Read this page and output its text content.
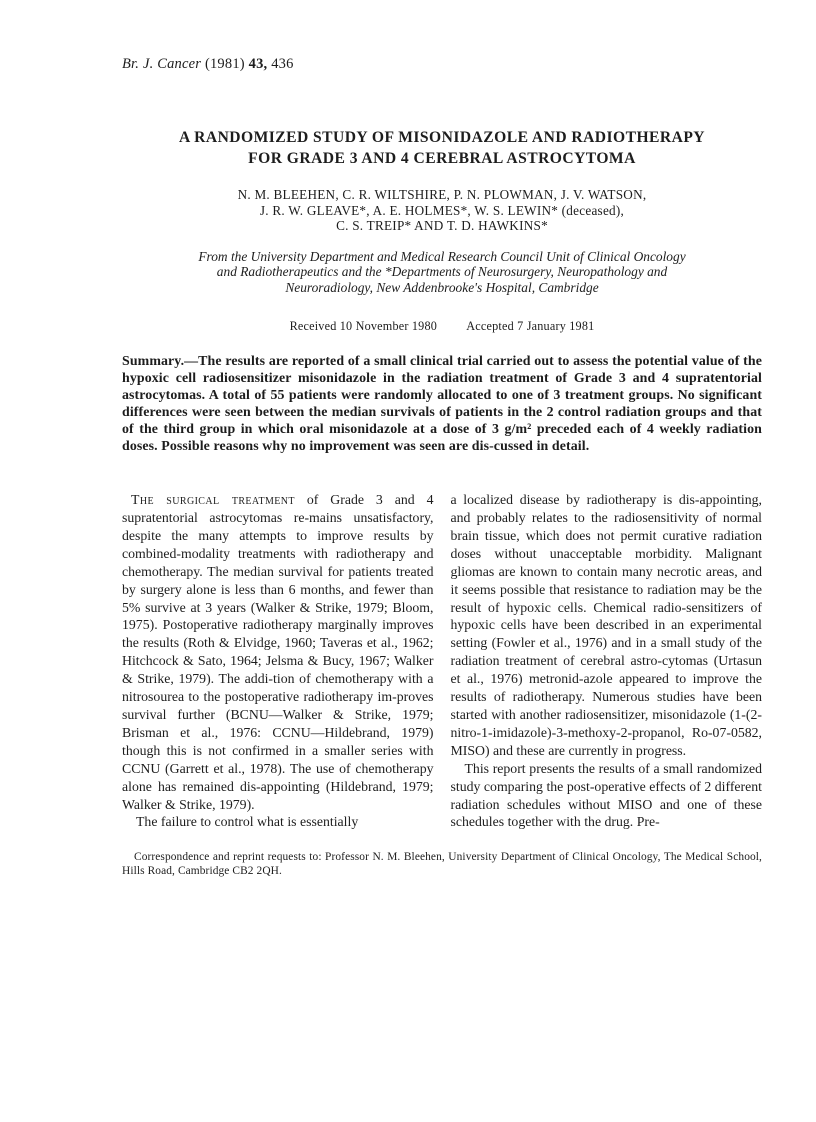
Br. J. Cancer (1981) 43, 436
A RANDOMIZED STUDY OF MISONIDAZOLE AND RADIOTHERAPY
FOR GRADE 3 AND 4 CEREBRAL ASTROCYTOMA
N. M. BLEEHEN, C. R. WILTSHIRE, P. N. PLOWMAN, J. V. WATSON,
J. R. W. GLEAVE*, A. E. HOLMES*, W. S. LEWIN* (deceased),
C. S. TREIP* AND T. D. HAWKINS*
From the University Department and Medical Research Council Unit of Clinical Oncology
and Radiotherapeutics and the *Departments of Neurosurgery, Neuropathology and
Neuroradiology, New Addenbrooke's Hospital, Cambridge
Received 10 November 1980 Accepted 7 January 1981

Summary.—The results are reported of a small clinical trial carried out to assess the potential value of the hypoxic cell radiosensitizer misonidazole in the radiation treatment of Grade 3 and 4 supratentorial astrocytomas. A total of 55 patients were randomly allocated to one of 3 treatment groups. No significant differences were seen between the median survivals of patients in the 2 control radiation groups and that of the third group in which oral misonidazole at a dose of 3 g/m² preceded each of 4 weekly radiation doses. Possible reasons why no improvement was seen are dis-cussed in detail.

The surgical treatment of Grade 3 and 4 supratentorial astrocytomas re-mains unsatisfactory, despite the many attempts to improve results by combined-modality treatments with radiotherapy and chemotherapy. The median survival for patients treated by surgery alone is less than 6 months, and fewer than 5% survive at 3 years (Walker & Strike, 1979; Bloom, 1975). Postoperative radiotherapy marginally improves the results (Roth & Elvidge, 1960; Taveras et al., 1962; Hitchcock & Sato, 1964; Jelsma & Bucy, 1967; Walker & Strike, 1979). The addi-tion of chemotherapy with a nitrosourea to the postoperative radiotherapy im-proves survival further (BCNU—Walker & Strike, 1979; Brisman et al., 1976: CCNU—Hildebrand, 1979) though this is not confirmed in a smaller series with CCNU (Garrett et al., 1978). The use of chemotherapy alone has remained dis-appointing (Hildebrand, 1979; Walker & Strike, 1979).

The failure to control what is essentially

a localized disease by radiotherapy is dis-appointing, and probably relates to the radiosensitivity of normal brain tissue, which does not permit curative radiation doses without unacceptable morbidity. Malignant gliomas are known to contain many necrotic areas, and it seems possible that resistance to radiation may be the result of hypoxic cells. Chemical radio-sensitizers of hypoxic cells have been described in an experimental setting (Fowler et al., 1976) and in a small study of the radiation treatment of cerebral astro-cytomas (Urtasun et al., 1976) metronid-azole appeared to improve the results of radiotherapy. Numerous studies have been started with another radiosensitizer, misonidazole (1-(2-nitro-1-imidazole)-3-methoxy-2-propanol, Ro-07-0582, MISO) and these are currently in progress.

This report presents the results of a small randomized study comparing the post-operative effects of 2 different radiation schedules without MISO and one of these schedules together with the drug. Pre-

Correspondence and reprint requests to: Professor N. M. Bleehen, University Department of Clinical Oncology, The Medical School, Hills Road, Cambridge CB2 2QH.
